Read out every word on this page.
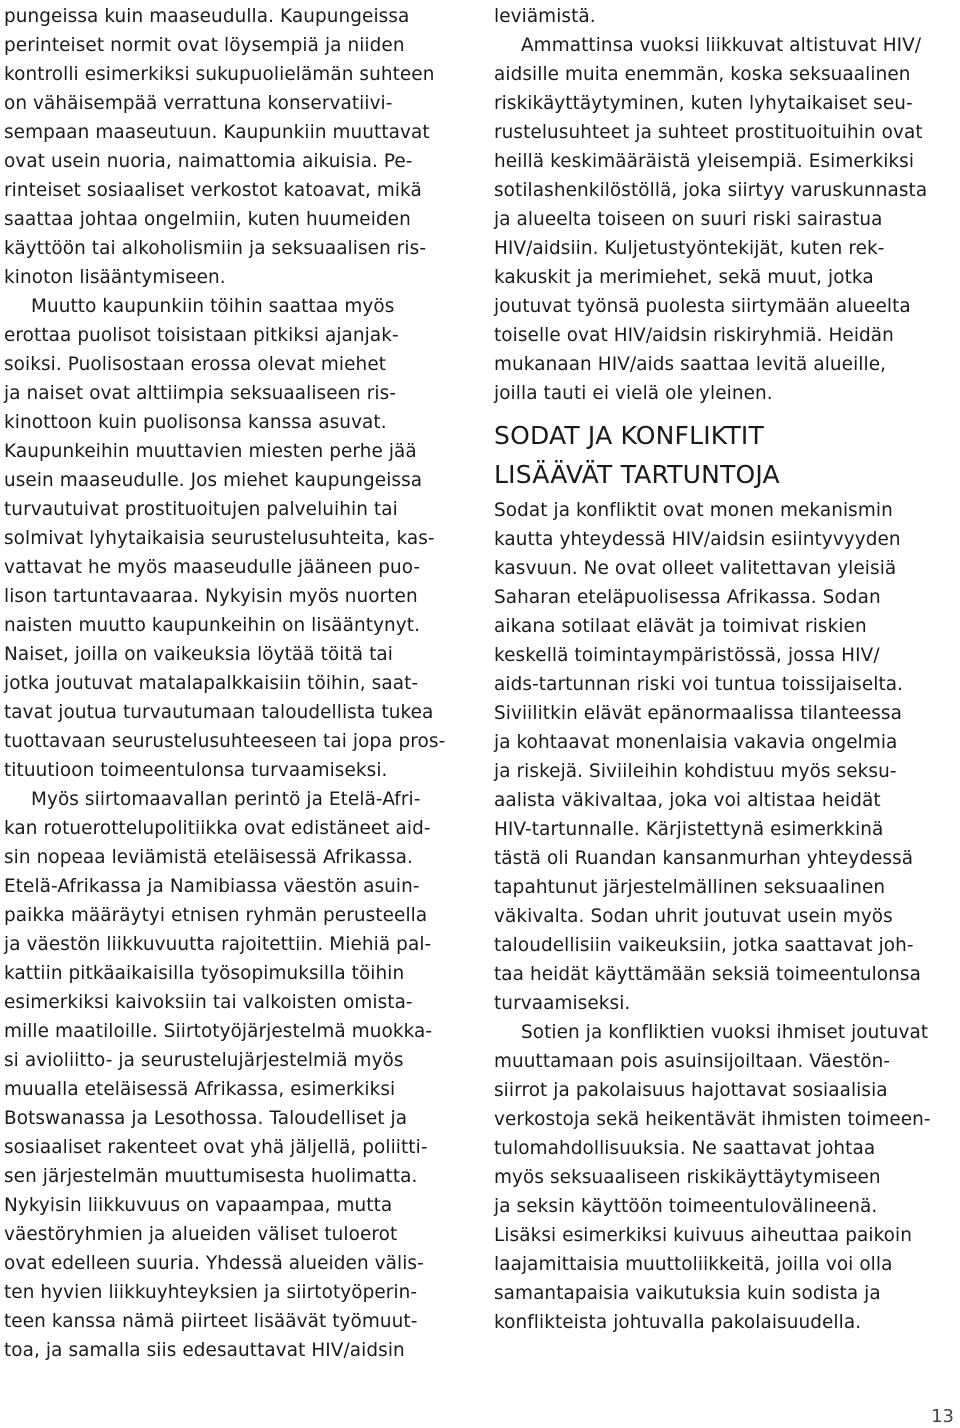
pungeissa kuin maaseudulla. Kaupungeissa
perinteiset normit ovat löysempiä ja niiden
kontrolli esimerkiksi sukupuolielämän suhteen
on vähäisempää verrattuna konservatiivi-
sempaan maaseutuun. Kaupunkiin muuttavat
ovat usein nuoria, naimattomia aikuisia. Pe-
rinteiset sosiaaliset verkostot katoavat, mikä
saattaa johtaa ongelmiin, kuten huumeiden
käyttöön tai alkoholismiin ja seksuaalisen ris-
kinoton lisääntymiseen.
Muutto kaupunkiin töihin saattaa myös
erottaa puolisot toisistaan pitkiksi ajanjak-
soiksi. Puolisostaan erossa olevat miehet
ja naiset ovat alttiimpia seksuaaliseen ris-
kinottoon kuin puolisonsa kanssa asuvat.
Kaupunkeihin muuttavien miesten perhe jää
usein maaseudulle. Jos miehet kaupungeissa
turvautuivat prostituoitujen palveluihin tai
solmivat lyhytaikaisia seurustelusuhteita, kas-
vattavat he myös maaseudulle jääneen puo-
lison tartuntavaaraa. Nykyisin myös nuorten
naisten muutto kaupunkeihin on lisääntynyt.
Naiset, joilla on vaikeuksia löytää töitä tai
jotka joutuvat matalapalkkaisiin töihin, saat-
tavat joutua turvautumaan taloudellista tukea
tuottavaan seurustelusuhteeseen tai jopa pros-
tituutioon toimeentulonsa turvaamiseksi.
Myös siirtomaavallan perintö ja Etelä-Afri-
kan rotuerottelupolitiikka ovat edistäneet aid-
sin nopeaa leviämistä eteläisessä Afrikassa.
Etelä-Afrikassa ja Namibiassa väestön asuin-
paikka määräytyi etnisen ryhmän perusteella
ja väestön liikkuvuutta rajoitettiin. Miehiä pal-
kattiin pitkäaikaisilla työsopimuksilla töihin
esimerkiksi kaivoksiin tai valkoisten omista-
mille maatiloille. Siirtotyöjärjestelmä muokka-
si avioliitto- ja seurustelujärjestelmiä myös
muualla eteläisessä Afrikassa, esimerkiksi
Botswanassa ja Lesothossa. Taloudelliset ja
sosiaaliset rakenteet ovat yhä jäljellä, poliitti-
sen järjestelmän muuttumisesta huolimatta.
Nykyisin liikkuvuus on vapaampaa, mutta
väestöryhmien ja alueiden väliset tuloerot
ovat edelleen suuria. Yhdessä alueiden välis-
ten hyvien liikkuyhteyksien ja siirtotyöperin-
teen kanssa nämä piirteet lisäävät työmuut-
toa, ja samalla siis edesauttavat HIV/aidsin
leviämistä.
Ammattinsa vuoksi liikkuvat altistuvat HIV/
aidsille muita enemmän, koska seksuaalinen
riskikäyttäytyminen, kuten lyhytaikaiset seu-
rustelusuhteet ja suhteet prostituoituihin ovat
heillä keskimääräistä yleisempiä. Esimerkiksi
sotilashenkilöstöllä, joka siirtyy varuskunnasta
ja alueelta toiseen on suuri riski sairastua
HIV/aidsiin. Kuljetustyöntekijät, kuten rek-
kakuskit ja merimiehet, sekä muut, jotka
joutuvat työnsä puolesta siirtymään alueelta
toiselle ovat HIV/aidsin riskiryhmiä. Heidän
mukanaan HIV/aids saattaa levitä alueille,
joilla tauti ei vielä ole yleinen.
SODAT JA KONFLIKTIT
LISÄÄVÄT TARTUNTOJA
Sodat ja konfliktit ovat monen mekanismin
kautta yhteydessä HIV/aidsin esiintyvyyden
kasvuun. Ne ovat olleet valitettavan yleisiä
Saharan eteläpuolisessa Afrikassa. Sodan
aikana sotilaat elävät ja toimivat riskien
keskellä toimintaympäristössä, jossa HIV/
aids-tartunnan riski voi tuntua toissijaiselta.
Siviilitkin elävät epänormaalissa tilanteessa
ja kohtaavat monenlaisia vakavia ongelmia
ja riskejä. Siviileihin kohdistuu myös seksu-
aalista väkivaltaa, joka voi altistaa heidät
HIV-tartunnalle. Kärjistettynä esimerkkinä
tästä oli Ruandan kansanmurhan yhteydessä
tapahtunut järjestelmällinen seksuaalinen
väkivalta. Sodan uhrit joutuvat usein myös
taloudellisiin vaikeuksiin, jotka saattavat joh-
taa heidät käyttämään seksiä toimeentulonsa
turvaamiseksi.
Sotien ja konfliktien vuoksi ihmiset joutuvat
muuttamaan pois asuinsijoiltaan. Väestön-
siirrot ja pakolaisuus hajottavat sosiaalisia
verkostoja sekä heikentävät ihmisten toimeen-
tulomahdollisuuksia. Ne saattavat johtaa
myös seksuaaliseen riskikäyttäytymiseen
ja seksin käyttöön toimeentulovälineenä.
Lisäksi esimerkiksi kuivuus aiheuttaa paikoin
laajamittaisia muuttoliikkeitä, joilla voi olla
samantapaisia vaikutuksia kuin sodista ja
konflikteista johtuvalla pakolaisuudella.
13
